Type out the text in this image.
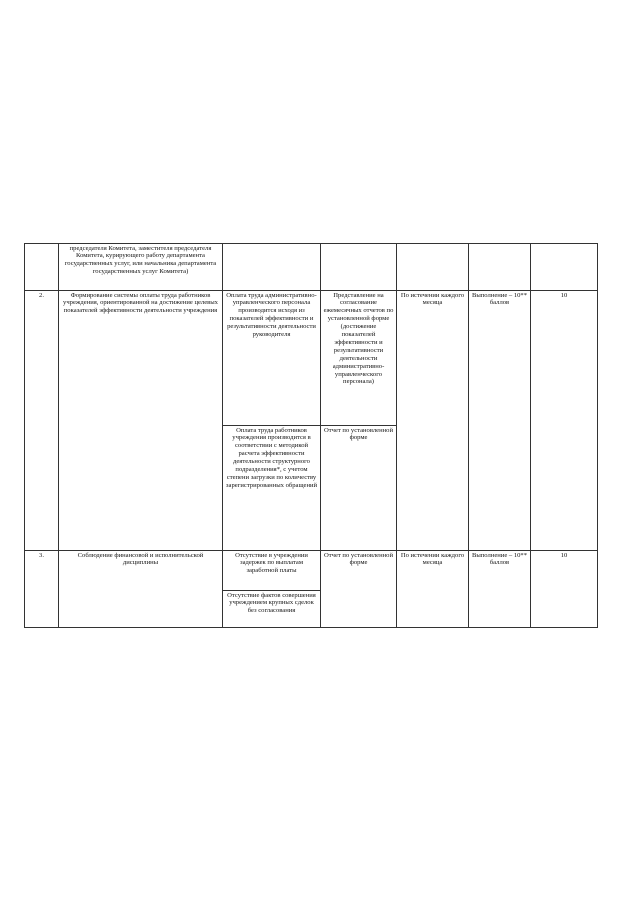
	председателя Комитета, заместителя председателя Комитета, курирующего работу департамента государственных услуг, или начальника департамента государственных услуг Комитета)					

2.	Формирование системы оплаты труда работников учреждения, ориентированной на достижение целевых показателей эффективности деятельности учреждения	Оплата труда административно-управленческого персонала производится исходя из показателей эффективности и результативности деятельности руководителя	Представление на согласование ежемесячных отчетов по установленной форме (достижение показателей эффективности и результативности деятельности административно-управленческого персонала)	По истечении каждого месяца	Выполнение – 10** баллов	10

		Оплата труда работников учреждения производится в соответствии с методикой расчета эффективности деятельности структурного подразделения*, с учетом степени загрузки по количеству зарегистрированных обращений	Отчет по установленной форме			

3.	Соблюдение финансовой и исполнительской дисциплины	Отсутствие в учреждении задержек по выплатам заработной платы	Отчет по установленной форме	По истечении каждого месяца	Выполнение – 10** баллов	10

		Отсутствие фактов совершения учреждением крупных сделок без согласования				
